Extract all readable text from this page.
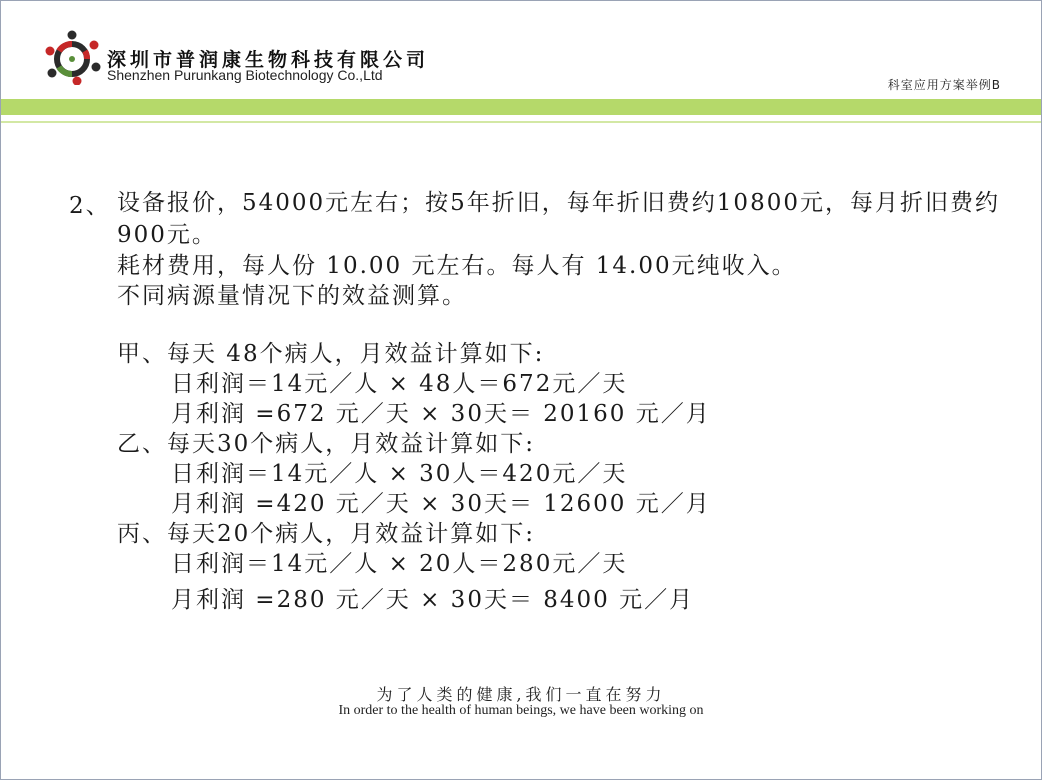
深圳市普润康生物科技有限公司
Shenzhen Purunkang Biotechnology Co.,Ltd
科室应用方案举例B
2、 设备报价，54000元左右；按5年折旧，每年折旧费约10800元，每月折旧费约900元。
耗材费用，每人份 10.00 元左右。每人有 14.00元纯收入。
不同病源量情况下的效益测算。
甲、每天 48个病人，月效益计算如下:
日利润＝14元／人 × 48人＝672元／天
月利润 =672 元／天 × 30天＝ 20160 元／月
乙、每天30个病人，月效益计算如下:
日利润＝14元／人 × 30人＝420元／天
月利润 =420 元／天 × 30天＝ 12600 元／月
丙、每天20个病人，月效益计算如下:
日利润＝14元／人 × 20人＝280元／天
月利润 =280 元／天 × 30天＝ 8400 元／月
为了人类的健康,我们一直在努力
In order to the health of human beings, we have been working on
